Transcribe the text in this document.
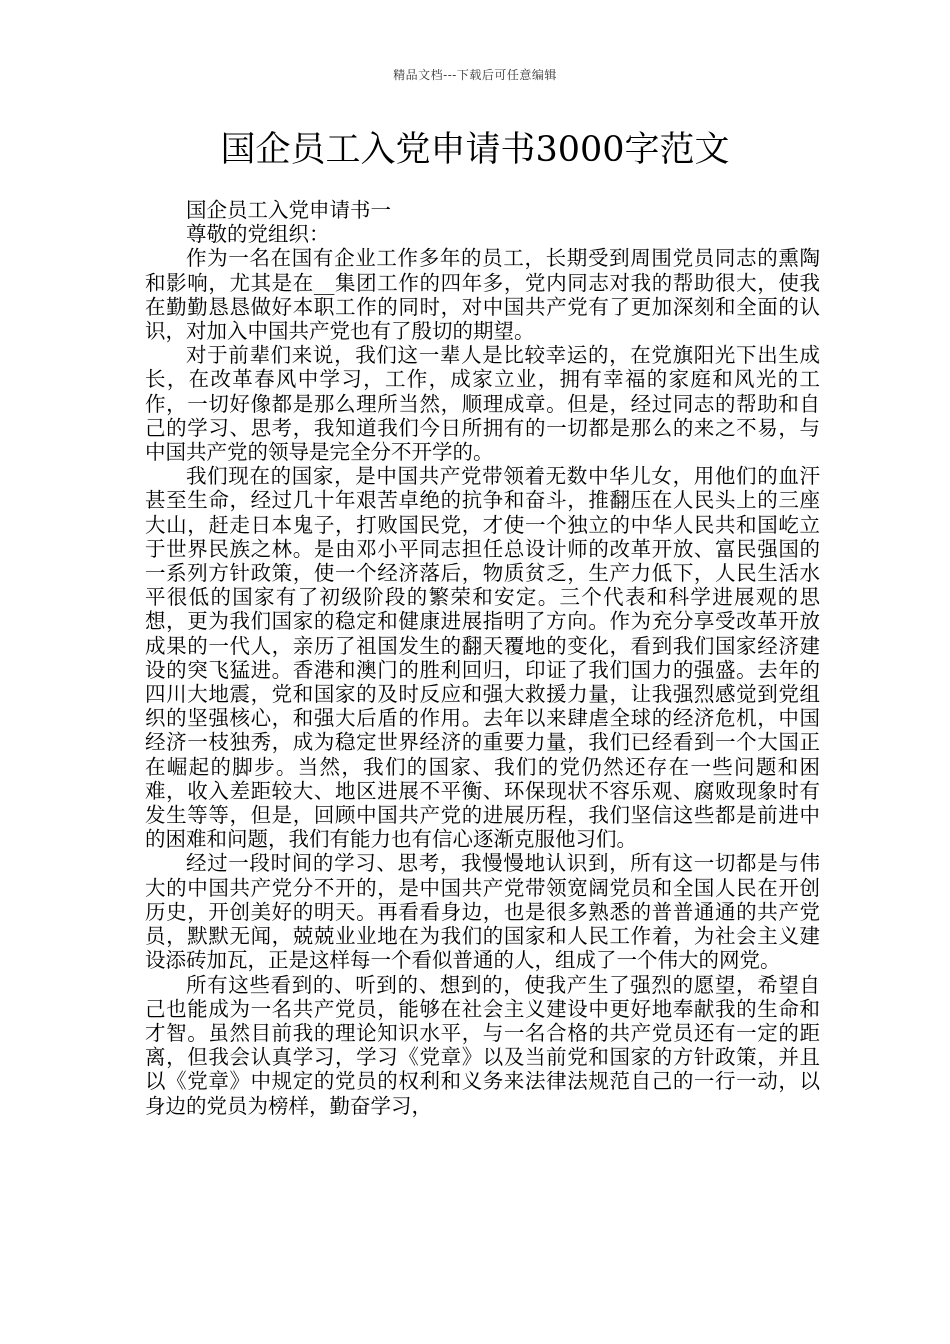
精品文档---下载后可任意编辑
国企员工入党申请书3000字范文

国企员工入党申请书一

尊敬的党组织：

作为一名在国有企业工作多年的员工，长期受到周围党员同志的熏陶和影响，尤其是在__集团工作的四年多，党内同志对我的帮助很大，使我在勤勤恳恳做好本职工作的同时，对中国共产党有了更加深刻和全面的认识，对加入中国共产党也有了殷切的期望。

对于前辈们来说，我们这一辈人是比较幸运的，在党旗阳光下出生成长，在改革春风中学习，工作，成家立业，拥有幸福的家庭和风光的工作，一切好像都是那么理所当然，顺理成章。但是，经过同志的帮助和自己的学习、思考，我知道我们今日所拥有的一切都是那么的来之不易，与中国共产党的领导是完全分不开学的。

我们现在的国家，是中国共产党带领着无数中华儿女，用他们的血汗甚至生命，经过几十年艰苦卓绝的抗争和奋斗，推翻压在人民头上的三座大山，赶走日本鬼子，打败国民党，才使一个独立的中华人民共和国屹立于世界民族之林。是由邓小平同志担任总设计师的改革开放、富民强国的一系列方针政策，使一个经济落后，物质贫乏，生产力低下，人民生活水平很低的国家有了初级阶段的繁荣和安定。三个代表和科学进展观的思想，更为我们国家的稳定和健康进展指明了方向。作为充分享受改革开放成果的一代人，亲历了祖国发生的翻天覆地的变化，看到我们国家经济建设的突飞猛进。香港和澳门的胜利回归，印证了我们国力的强盛。去年的四川大地震，党和国家的及时反应和强大救援力量，让我强烈感觉到党组织的坚强核心，和强大后盾的作用。去年以来肆虐全球的经济危机，中国经济一枝独秀，成为稳定世界经济的重要力量，我们已经看到一个大国正在崛起的脚步。当然，我们的国家、我们的党仍然还存在一些问题和困难，收入差距较大、地区进展不平衡、环保现状不容乐观、腐败现象时有发生等等，但是，回顾中国共产党的进展历程，我们坚信这些都是前进中的困难和问题，我们有能力也有信心逐渐克服他习们。

经过一段时间的学习、思考，我慢慢地认识到，所有这一切都是与伟大的中国共产党分不开的，是中国共产党带领宽阔党员和全国人民在开创历史，开创美好的明天。再看看身边，也是很多熟悉的普普通通的共产党员，默默无闻，兢兢业业地在为我们的国家和人民工作着，为社会主义建设添砖加瓦，正是这样每一个看似普通的人，组成了一个伟大的网党。

所有这些看到的、听到的、想到的，使我产生了强烈的愿望，希望自己也能成为一名共产党员，能够在社会主义建设中更好地奉献我的生命和才智。虽然目前我的理论知识水平，与一名合格的共产党员还有一定的距离，但我会认真学习，学习《党章》以及当前党和国家的方针政策，并且以《党章》中规定的党员的权利和义务来法律法规范自己的一行一动，以身边的党员为榜样，勤奋学习，
